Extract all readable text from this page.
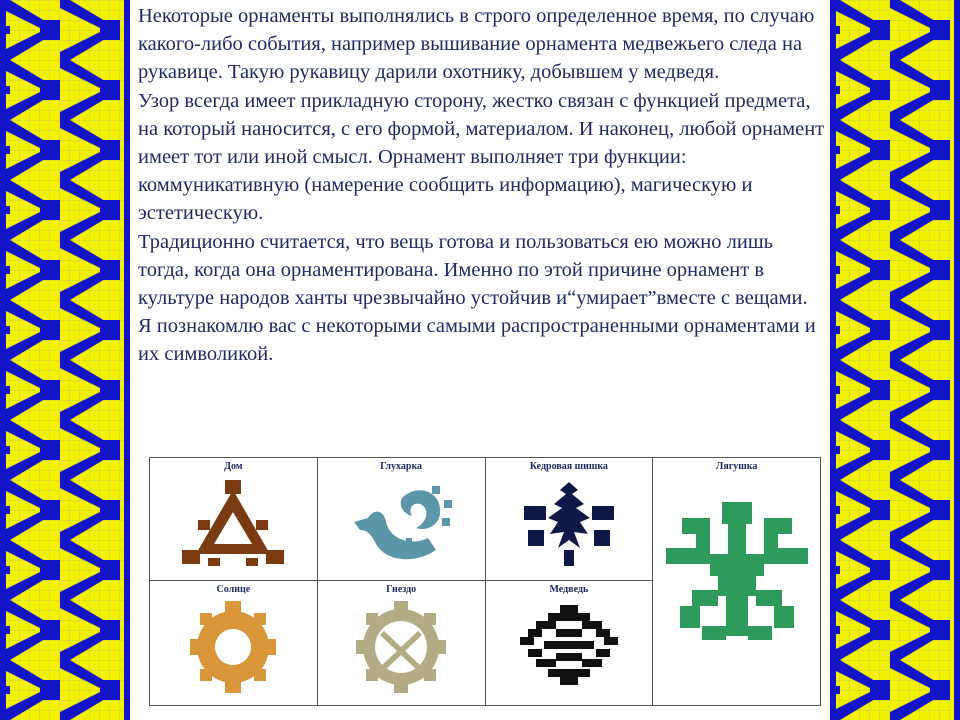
Некоторые орнаменты выполнялись в строго определенное время, по случаю какого-либо события, например вышивание орнамента медвежьего следа на рукавице. Такую рукавицу дарили охотнику, добывшем у медведя.

Узор всегда имеет прикладную сторону, жестко связан с функцией предмета, на который наносится, с его формой, материалом. И наконец, любой орнамент имеет тот или иной смысл. Орнамент выполняет три функции: коммуникативную (намерение сообщить информацию), магическую и эстетическую.

Традиционно считается, что вещь готова и пользоваться ею можно лишь тогда, когда она орнаментирована. Именно по этой причине орнамент в культуре народов ханты чрезвычайно устойчив и“умирает”вместе с вещами.

Я познакомлю вас с некоторыми самыми распространенными орнаментами и их символикой.

Дом	Глухарка	Кедровая шишка	Лягушка

Солнце	Гнездо	Медведь	
